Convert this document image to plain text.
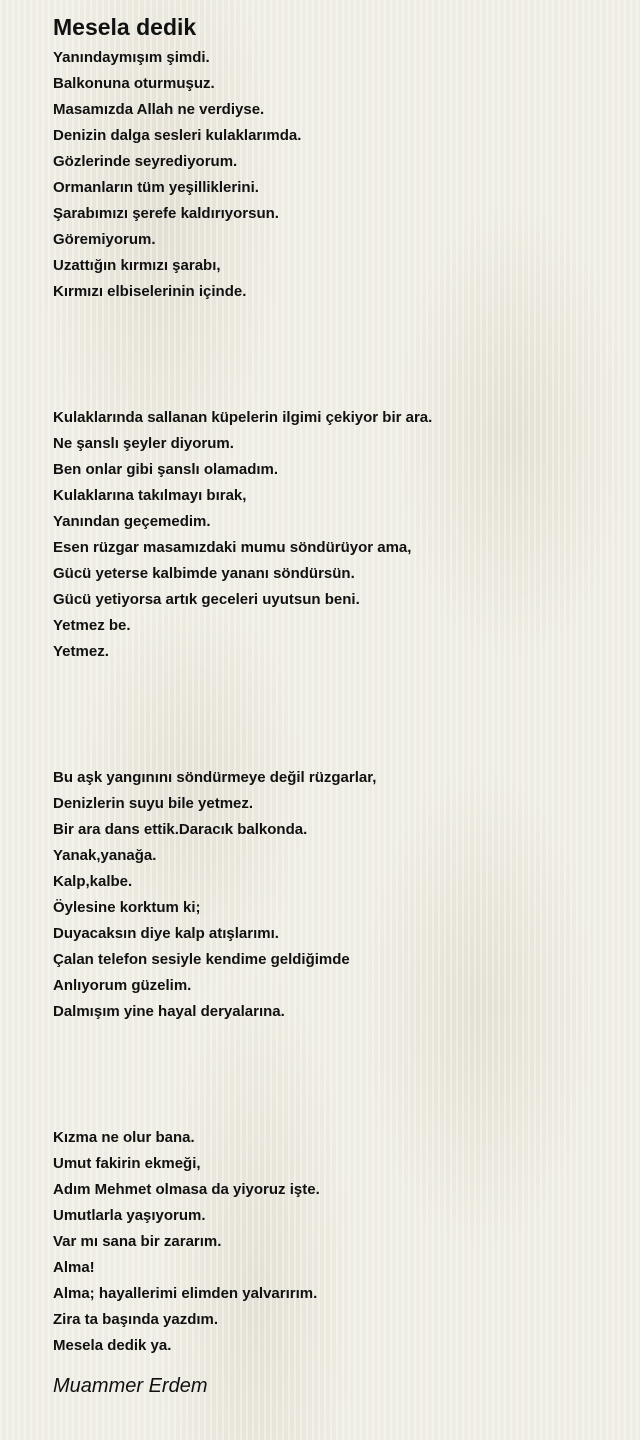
Mesela dedik
Yanındaymışım şimdi.
Balkonuna oturmuşuz.
Masamızda Allah ne verdiyse.
Denizin dalga sesleri kulaklarımda.
Gözlerinde seyrediyorum.
Ormanların tüm yeşilliklerini.
Şarabımızı şerefe kaldırıyorsun.
Göremiyorum.
Uzattığın kırmızı şarabı,
Kırmızı elbiselerinin içinde.
Kulaklarında sallanan küpelerin ilgimi çekiyor bir ara.
Ne şanslı şeyler diyorum.
Ben onlar gibi şanslı olamadım.
Kulaklarına takılmayı bırak,
Yanından geçemedim.
Esen rüzgar masamızdaki mumu söndürüyor ama,
Gücü yeterse kalbimde yananı söndürsün.
Gücü yetiyorsa artık geceleri uyutsun beni.
Yetmez be.
Yetmez.
Bu aşk yangınını söndürmeye değil rüzgarlar,
Denizlerin suyu bile yetmez.
Bir ara dans ettik.Daracık balkonda.
Yanak,yanağa.
Kalp,kalbe.
Öylesine korktum ki;
Duyacaksın diye kalp atışlarımı.
Çalan telefon sesiyle kendime geldiğimde
Anlıyorum güzelim.
Dalmışım yine hayal deryalarına.
Kızma ne olur bana.
Umut fakirin ekmeği,
Adım Mehmet olmasa da yiyoruz işte.
Umutlarla yaşıyorum.
Var mı sana bir zararım.
Alma!
Alma; hayallerimi elimden yalvarırım.
Zira ta başında yazdım.
Mesela dedik ya.
Muammer Erdem
